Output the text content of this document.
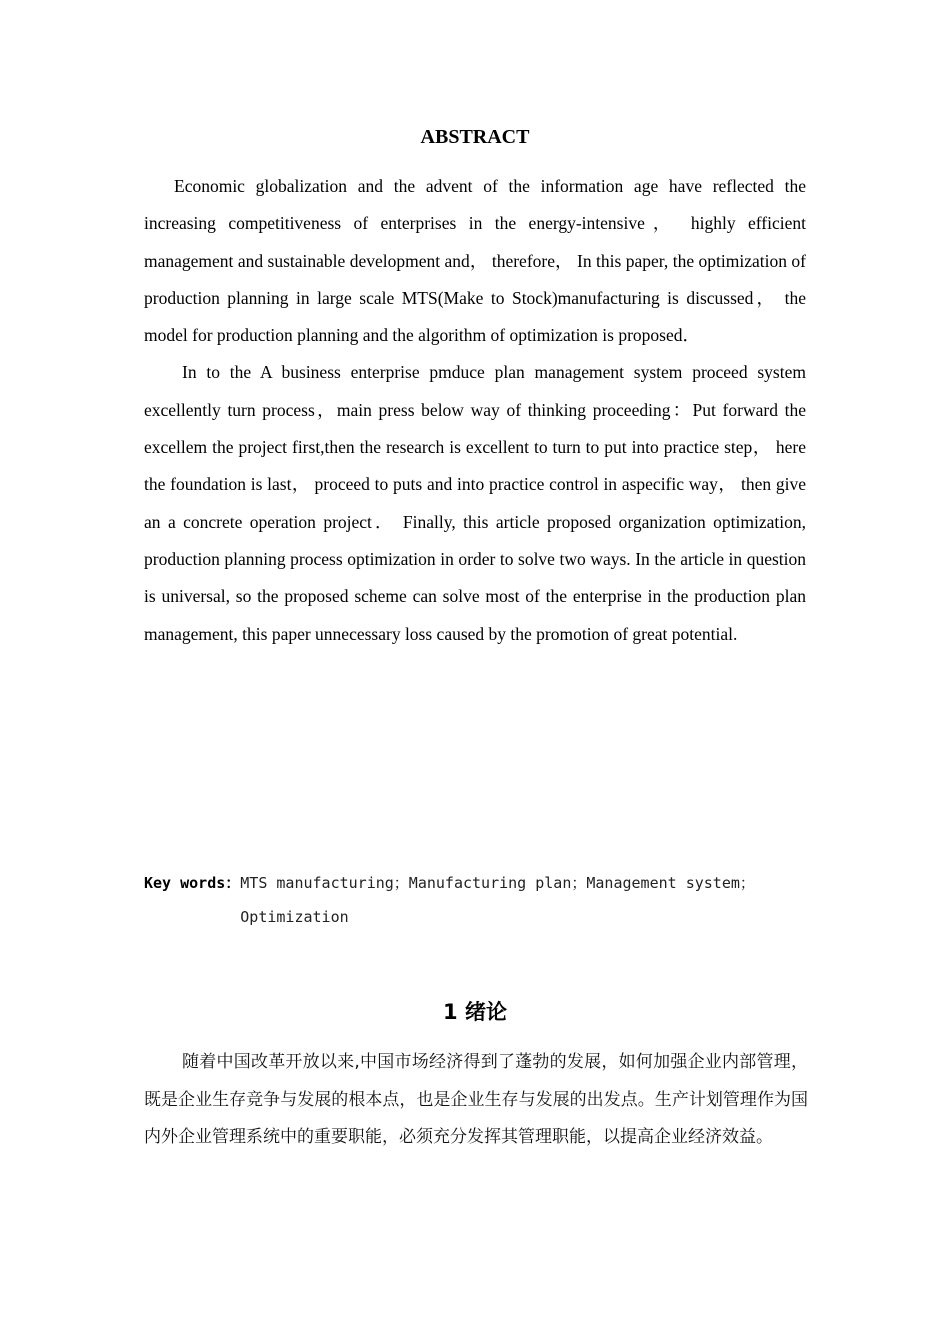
ABSTRACT

Economic globalization and the advent of the information age have reflected the increasing competitiveness of enterprises in the energy-intensive， highly efficient management and sustainable development and， therefore， In this paper, the optimization of production planning in large scale MTS(Make to Stock)manufacturing is discussed， the model for production planning and the algorithm of optimization is proposed．

In to the A business enterprise pmduce plan management system proceed system excellently turn process，main press below way of thinking proceeding：Put forward the excellem the project first,then the research is excellent to turn to put into practice step， here the foundation is last， proceed to puts and into practice control in aspecific way， then give an a concrete operation project． Finally, this article proposed organization optimization, production planning process optimization in order to solve two ways. In the article in question is universal, so the proposed scheme can solve most of the enterprise in the production plan management, this paper unnecessary loss caused by the promotion of great potential.

Key words： MTS manufacturing；Manufacturing plan；Management system；Optimization
1 绪论

随着中国改革开放以来,中国市场经济得到了蓬勃的发展，如何加强企业内部管理，既是企业生存竞争与发展的根本点，也是企业生存与发展的出发点。生产计划管理作为国内外企业管理系统中的重要职能，必须充分发挥其管理职能，以提高企业经济效益。
